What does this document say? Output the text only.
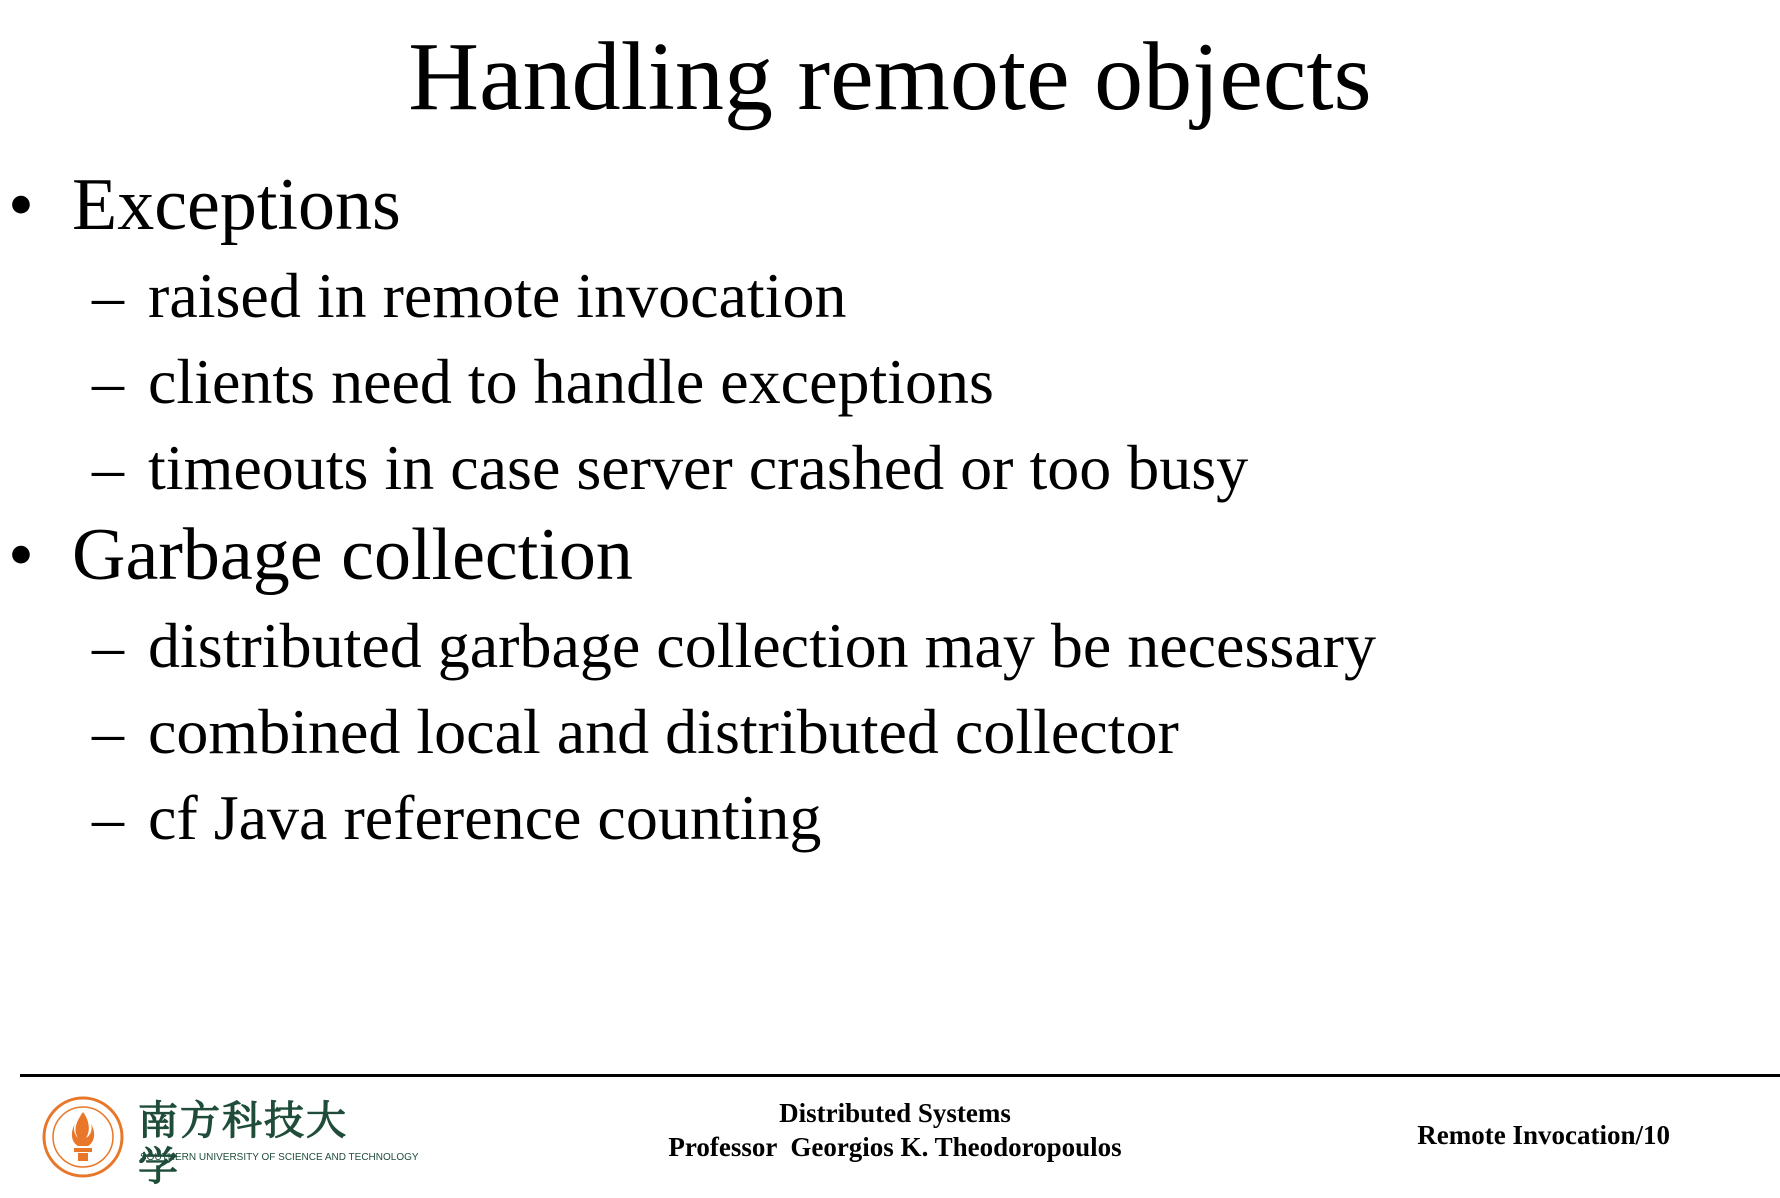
Handling remote objects
• Exceptions
– raised in remote invocation
– clients need to handle exceptions
– timeouts in case server crashed or too busy
• Garbage collection
– distributed garbage collection may be necessary
– combined local and distributed collector
– cf Java reference counting
南方科技大学
SOUTHERN UNIVERSITY OF SCIENCE AND TECHNOLOGY
Distributed Systems
Professor  Georgios K. Theodoropoulos	Remote Invocation/10
